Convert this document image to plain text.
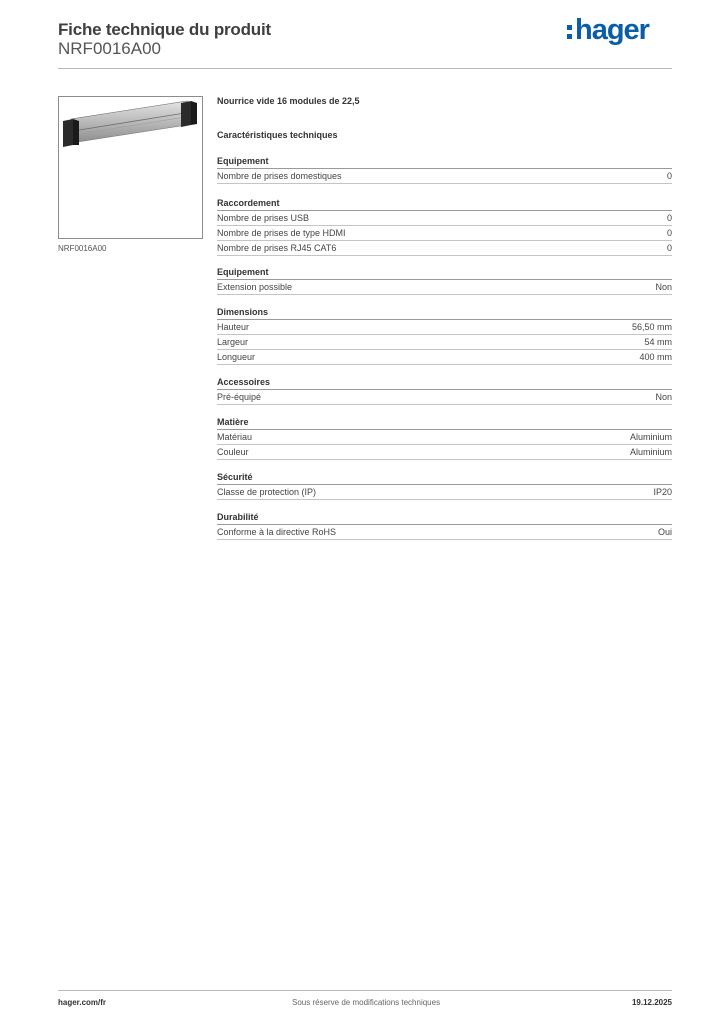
Fiche technique du produit
NRF0016A00
hager
NRF0016A00
Nourrice vide 16 modules de 22,5
Caractéristiques techniques
Equipement
Nombre de prises domestiques	0
Raccordement
Nombre de prises USB	0
Nombre de prises de type HDMI	0
Nombre de prises RJ45 CAT6	0
Equipement
Extension possible	Non
Dimensions
Hauteur	56,50 mm
Largeur	54 mm
Longueur	400 mm
Accessoires
Pré-équipé	Non
Matière
Matériau	Aluminium
Couleur	Aluminium
Sécurité
Classe de protection (IP)	IP20
Durabilité
Conforme à la directive RoHS	Oui
hager.com/fr	Sous réserve de modifications techniques	19.12.2025
